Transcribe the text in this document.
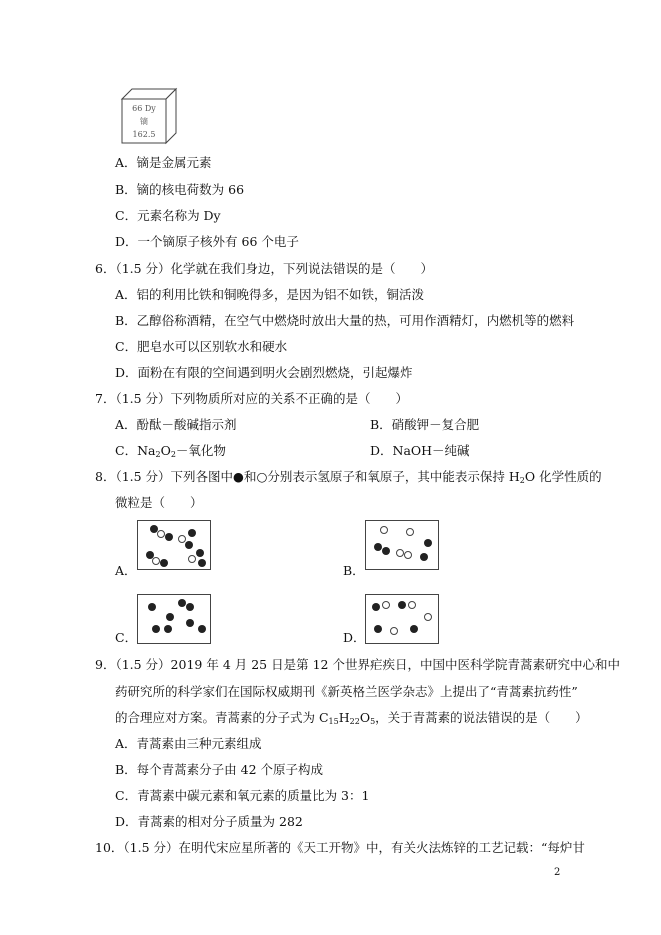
66 Dy
镝
162.5
A．镝是金属元素
B．镝的核电荷数为 66
C．元素名称为 Dy
D．一个镝原子核外有 66 个电子
6．（1.5 分）化学就在我们身边，下列说法错误的是（　　）
A．铝的利用比铁和铜晚得多，是因为铝不如铁，铜活泼
B．乙醇俗称酒精，在空气中燃烧时放出大量的热，可用作酒精灯，内燃机等的燃料
C．肥皂水可以区别软水和硬水
D．面粉在有限的空间遇到明火会剧烈燃烧，引起爆炸
7．（1.5 分）下列物质所对应的关系不正确的是（　　）
A．酚酞－酸碱指示剂	B．硝酸钾－复合肥
C．$Na_2O_2-$氧化物	D．NaOH－纯碱
8．（1.5 分）下列各图中●和○分别表示氢原子和氧原子，其中能表示保持 $H_2O$ 化学性质的
微粒是（　　）
A．	B．
C．	D．
9．（1.5 分）2019 年 4 月 25 日是第 12 个世界疟疾日，中国中医科学院青蒿素研究中心和中
药研究所的科学家们在国际权威期刊《新英格兰医学杂志》上提出了“青蒿素抗药性”
的合理应对方案。青蒿素的分子式为 $C_{15}H_{22}O_5$，关于青蒿素的说法错误的是（　　）
A．青蒿素由三种元素组成
B．每个青蒿素分子由 42 个原子构成
C．青蒿素中碳元素和氧元素的质量比为 3：1
D．青蒿素的相对分子质量为 282
10．（1.5 分）在明代宋应星所著的《天工开物》中，有关火法炼锌的工艺记载：“每炉甘
2
